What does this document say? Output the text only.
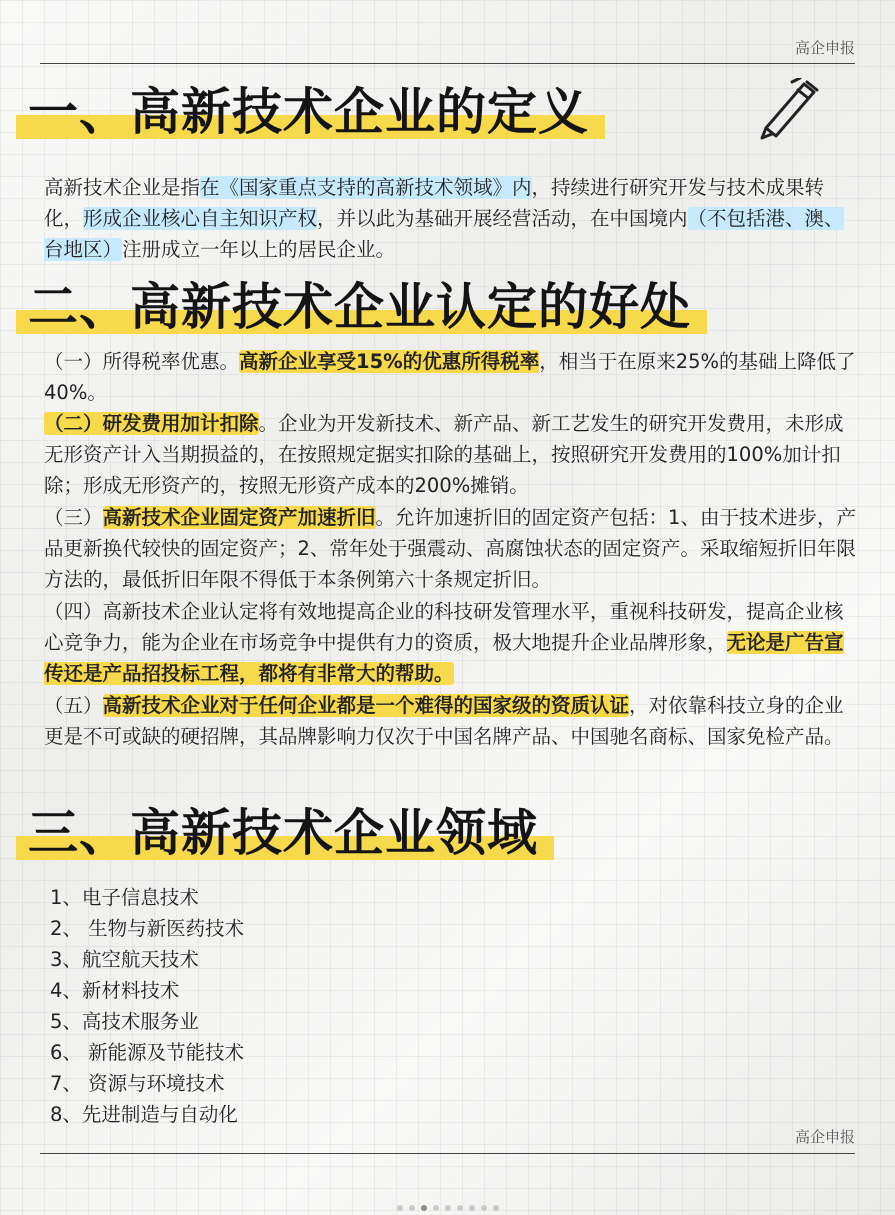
高企申报
一、高新技术企业的定义

高新技术企业是指在《国家重点支持的高新技术领域》内，持续进行研究开发与技术成果转化，形成企业核心自主知识产权，并以此为基础开展经营活动，在中国境内（不包括港、澳、台地区）注册成立一年以上的居民企业。

二、高新技术企业认定的好处

（一）所得税率优惠。高新企业享受15%的优惠所得税率，相当于在原来25%的基础上降低了40%。

（二）研发费用加计扣除。企业为开发新技术、新产品、新工艺发生的研究开发费用，未形成无形资产计入当期损益的，在按照规定据实扣除的基础上，按照研究开发费用的100%加计扣除；形成无形资产的，按照无形资产成本的200%摊销。

（三）高新技术企业固定资产加速折旧。允许加速折旧的固定资产包括：1、由于技术进步，产品更新换代较快的固定资产；2、常年处于强震动、高腐蚀状态的固定资产。采取缩短折旧年限方法的，最低折旧年限不得低于本条例第六十条规定折旧。

（四）高新技术企业认定将有效地提高企业的科技研发管理水平，重视科技研发，提高企业核心竞争力，能为企业在市场竞争中提供有力的资质，极大地提升企业品牌形象，无论是广告宣传还是产品招投标工程，都将有非常大的帮助。

（五）高新技术企业对于任何企业都是一个难得的国家级的资质认证，对依靠科技立身的企业更是不可或缺的硬招牌，其品牌影响力仅次于中国名牌产品、中国驰名商标、国家免检产品。

三、高新技术企业领域
1、电子信息技术
2、 生物与新医药技术
3、航空航天技术
4、新材料技术
5、高技术服务业
6、 新能源及节能技术
7、 资源与环境技术
8、先进制造与自动化
高企申报
